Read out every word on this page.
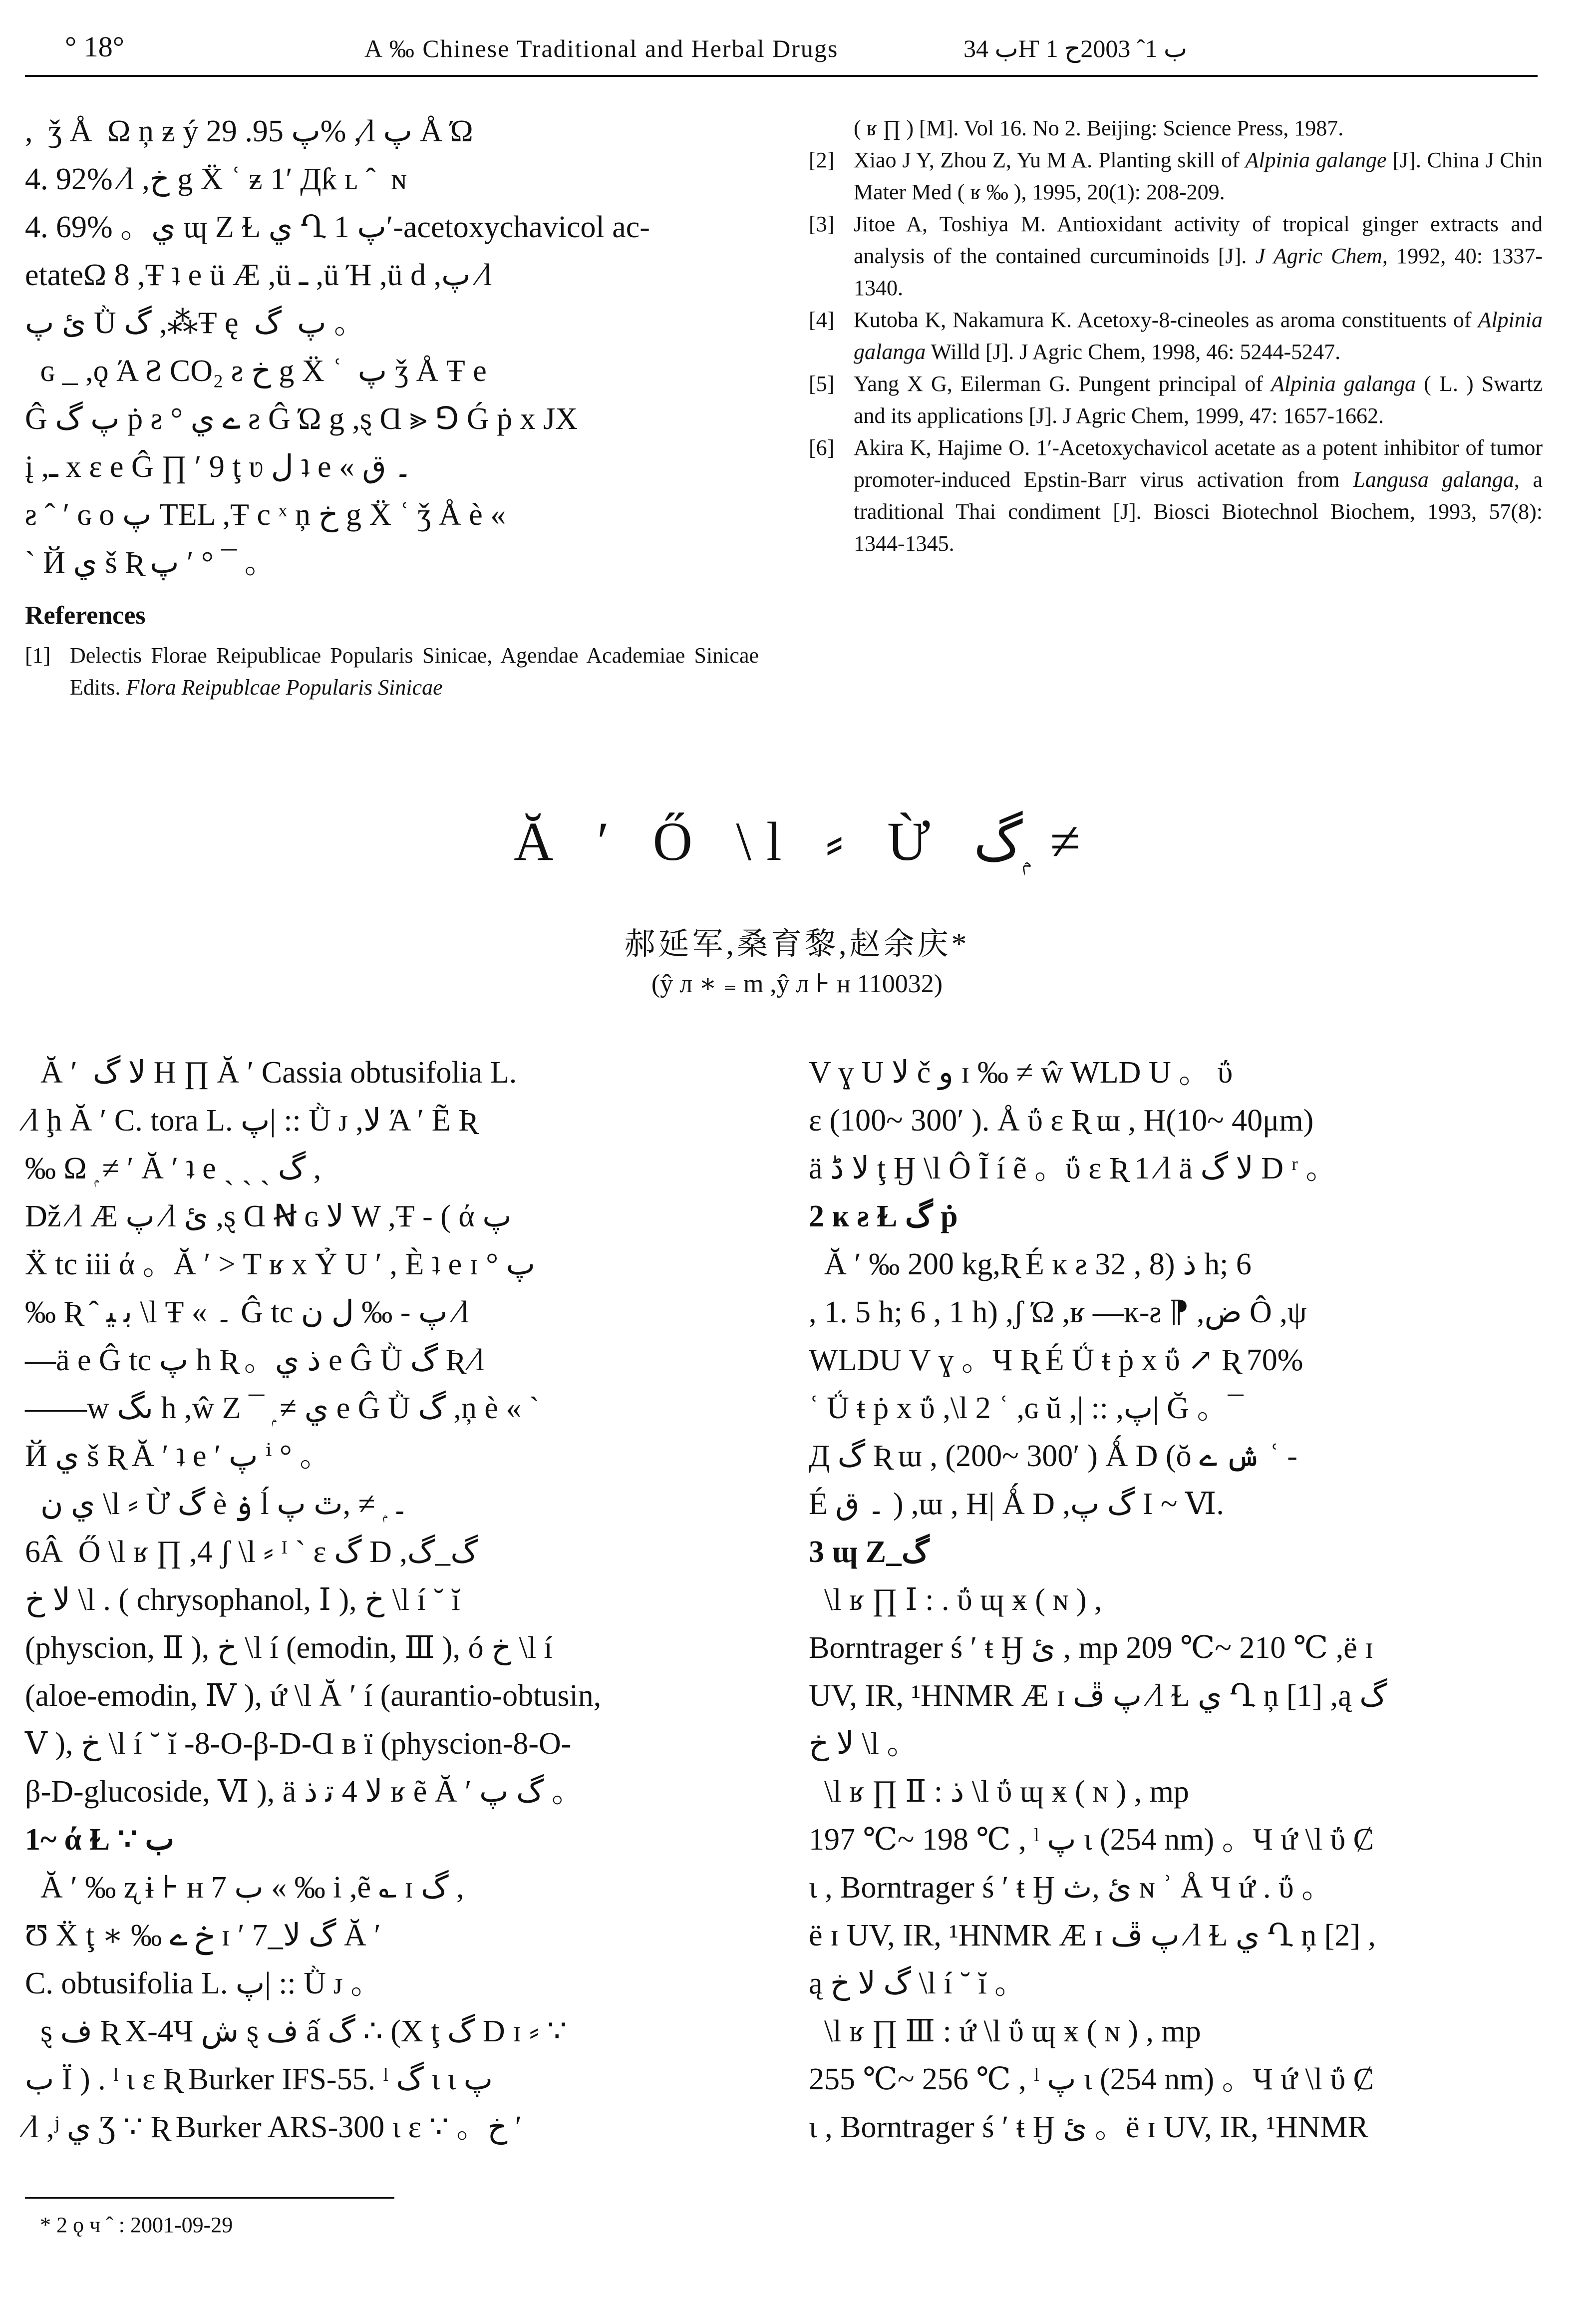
° 18°	A ‰ Chinese Traditional and Herbal Drugs	ب 34Ҥ ب 1ˆ 2003ح 1

,  ǯ Å  Ω ņ ƶ ý پ 95. 29% ,⁄l پ Å Ώ

4. 92% ⁄l ,خ g Ẍ ʿ ƶ 1′ Дƙ ʟ ˆ  ɴ

4. 69% 。ي ɰ Z Ɫ ي Ղ پ 1′-acetoxychavicol ac-

etateΩ 8 ,Ŧ ʇ e ü Æ ,ü ـ ,ü Ή ,ü d ,پ ⁄l

ئ پ Ǜ گ ,⁂Ŧ ę  پ  گ 。

ɢ _ ,ǫ Ά Ƨ CO₂ ƨ خ g Ẍ ʿ  پ ǯ Å Ŧ e

Ĝ پ گ ṗ ƨ ° ے ي ƨ Ĝ Ώ g ,ȿ Ɑ ⪢ ⅁ Ǵ ṗ x JX

į ,ـ x ɛ e Ĝ ∏ ʹ 9 ţ ʋ ل ʇ e « ۔ ق

ƨ ˆ ′ ɢ ο پ TEL ,Ŧ c ˣ ņ خ g Ẍ ʿ ǯ Å è «

` Й ي š Ʀ پ ʹ ° ¯ 。

References
[1] Delectis Florae Reipublicae Popularis Sinicae, Agendae Academiae Sinicae Edits. Flora Reipublcae Popularis Sinicae
( ʁ ∏ ) [M]. Vol 16. No 2. Beijing: Science Press, 1987.
[2] Xiao J Y, Zhou Z, Yu M A. Planting skill of Alpinia galange [J]. China J Chin Mater Med ( ʁ ‰ ), 1995, 20(1): 208-209.
[3] Jitoe A, Toshiya M. Antioxidant activity of tropical ginger extracts and analysis of the contained curcuminoids [J]. J Agric Chem, 1992, 40: 1337-1340.
[4] Kutoba K, Nakamura K. Acetoxy-8-cineoles as aroma constituents of Alpinia galanga Willd [J]. J Agric Chem, 1998, 46: 5244-5247.
[5] Yang X G, Eilerman G. Pungent principal of Alpinia galanga ( L. ) Swartz and its applications [J]. J Agric Chem, 1999, 47: 1657-1662.
[6] Akira K, Hajime O. 1′-Acetoxychavicol acetate as a potent inhibitor of tumor promoter-induced Epstin-Barr virus activation from Langusa galanga, a traditional Thai condiment [J]. Biosci Biotechnol Biochem, 1993, 57(8): 1344-1345.
Ă ′ Ő \l ⸗ Ừ گ ۭ ≠
郝延军,桑育黎,赵余庆*
(ŷ л ∗ ₌ m ,ŷ л ⊦ ʜ 110032)

Ă ′  لا گ H ∏ Ă ′ Cassia obtusifolia L.

⁄l ḩ Ă ′ C. tora L. پ| :: Ǜ ᴊ ,لا Ά ′ Ẽ Ʀ

‰ Ω ۭ ≠ ′ Ă ′ ʇ e ˏ ˎ ˏ گ ,

Dž ⁄l Æ پ ⁄l ئ ,ȿ Ɑ Ꞥ ɢ لا W ,Ŧ - ( ά پ

Ẍ tc iii ά 。Ă ′ > T ʁ x Ỷ U ′ , È ʇ e ɪ ° پ

‰ Ʀ ˆ ﺑ ﻴ \l Ŧ « ۔ Ĝ tc پ - ‰ ل ن ⁄l

—ä e Ĝ tc پ h Ʀ 。ذ ي e Ĝ Ǜ گ Ʀ ⁄l

——w ںگ h ,ŵ Z ¯ ۭ ≠ ي e Ĝ Ǜ گ ,ņ è « `

Й ي š Ʀ Ă ′ ʇ e ʹ پ ⁱ ° 。

ي ن \l ⸗ Ừ گ è ۏ ĺ ۔ ۭ ≠ ,ﭢ پ

6Â  Ő \l ʁ ∏ ,4 ʃ \l ⸗ ᴵ ` ɛ گ D ,گ ̲ گ

لا خ \l . ( chrysophanol, Ⅰ ), خ \l í ˘ ĭ

(physcion, Ⅱ ), خ \l í (emodin, Ⅲ ), ó خ \l í

(aloe-emodin, Ⅳ ), ứ \l Ă ′ í (aurantio-obtusin,

Ⅴ ), خ \l í ˘ ĭ -8-O-β-D-Ɑ ʙ ï (physcion-8-O-

β-D-glucoside, Ⅵ ), ä لا 4 ﺗ ذ ʁ ẽ Ă ′ گ پ 。

1~ ά Ɫ ∵ ب

Ă ′ ‰ ʐ ɨ ⊦ ʜ 7 ب « ‰ i ,ẽ ؎ ɪ گ ,

Ʊ Ẍ ţ ∗ ‰ خ ے ɪ ′ 7 ̲ گ لا Ă ′

C. obtusifolia L. پ| :: Ǜ ᴊ 。

ȿ ف Ʀ X-4Ч ش ȿ ف ấ گ ∴ (X ţ گ D ɪ ⸗ ∵

ب Ï ) . ˡ ɩ ɛ Ʀ Burker IFS-55. ˡ گ ɩ ɩ پ

⁄l ,ʲ ي Ʒ ∵ Ʀ Burker ARS-300 ɩ ɛ ∵ 。خ ′

V ɣ U لا č و ɪ ‰ ≠ ŵ WLD U 。 ΰ

ɛ (100~ 300′ ). Å ΰ ɛ Ʀ ɯ , H(10~ 40μm)

ä لا ڈ ţ Ӈ \l Ô Ĩ í ẽ 。ΰ ɛ Ʀ 1 ⁄l ä لا گ D ʳ 。

2 ĸ ƨ Ɫ گ ṗ

Ă ′ ‰ 200 kg,Ʀ É ĸ ƨ 3ذ (8 , 2 h; 6

, 1. 5 h; 6 , 1 h) ,ʃ Ώ ,ʁ —ĸ-ƨ ⁋ ,ض Ô ,ψ

WLDU V ɣ 。Ч Ʀ É Ǘ ŧ ṗ x ΰ ↗ Ʀ 70%

ʿ Ǘ ŧ ṗ x ΰ ,\l 2 ʿ ,ɢ ŭ ,| :: ,پ| Ğ 。¯

Д گ Ʀ ɯ , (200~ 300′ ) Ǻ D (ŏ ش ے ʿ -

É ۔ ق ) ,ɯ , H| Ǻ D ,گ پ I ~ Ⅵ.

3 ɰ Z ̲ گ

\l ʁ ∏ Ⅰ : . ΰ ɰ ӿ ( ɴ ) ,

Borntrager ś ′ ŧ Ӈ ئ , mp 209 ℃~ 210 ℃ ,ë ɪ

UV, IR, ¹HNMR Æ ɪ پ ڦ ⁄l Ɫ ي Ղ ņ [1] ,ą گ

لا خ \l 。

\l ʁ ∏ Ⅱ : ذ \l ΰ ɰ ӿ ( ɴ ) , mp

197 ℃~ 198 ℃ , ˡ پ ɩ (254 nm) 。Ч ứ \l ΰ Ȼ

ɩ , Borntrager ś ′ ŧ Ӈ ئ ,ث ɴ ʾ Å Ч ứ . ΰ 。

ë ɪ UV, IR, ¹HNMR Æ ɪ پ ڦ ⁄l Ɫ ي Ղ ņ [2] ,

ą گ لا خ \l í ˘ ĭ 。

\l ʁ ∏ Ⅲ : ứ \l ΰ ɰ ӿ ( ɴ ) , mp

255 ℃~ 256 ℃ , ˡ پ ɩ (254 nm) 。Ч ứ \l ΰ Ȼ

ɩ , Borntrager ś ′ ŧ Ӈ ئ 。ë ɪ UV, IR, ¹HNMR

* 2 ǫ ч ˆ : 2001-09-29
